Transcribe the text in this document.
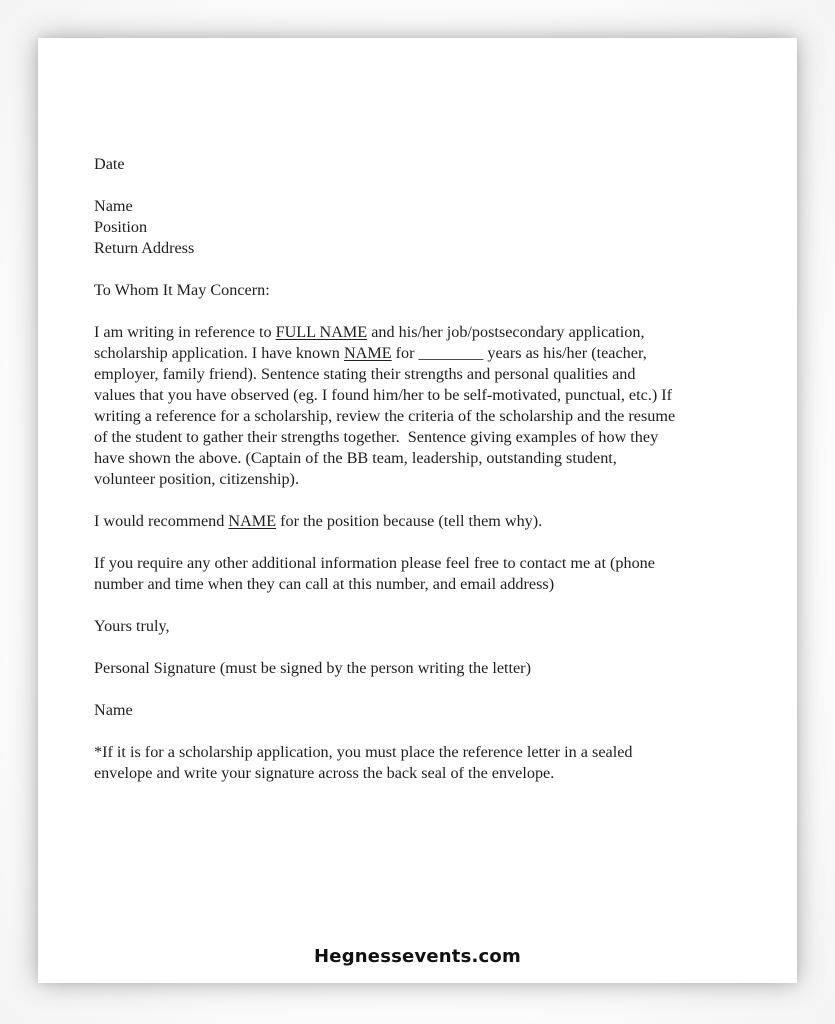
Date

Name
Position
Return Address

To Whom It May Concern:

I am writing in reference to FULL NAME and his/her job/postsecondary application,
scholarship application. I have known NAME for ________ years as his/her (teacher,
employer, family friend). Sentence stating their strengths and personal qualities and
values that you have observed (eg. I found him/her to be self-motivated, punctual, etc.) If
writing a reference for a scholarship, review the criteria of the scholarship and the resume
of the student to gather their strengths together.  Sentence giving examples of how they
have shown the above. (Captain of the BB team, leadership, outstanding student,
volunteer position, citizenship).

I would recommend NAME for the position because (tell them why).

If you require any other additional information please feel free to contact me at (phone
number and time when they can call at this number, and email address)

Yours truly,

Personal Signature (must be signed by the person writing the letter)

Name

*If it is for a scholarship application, you must place the reference letter in a sealed
envelope and write your signature across the back seal of the envelope.

Hegnessevents.com
